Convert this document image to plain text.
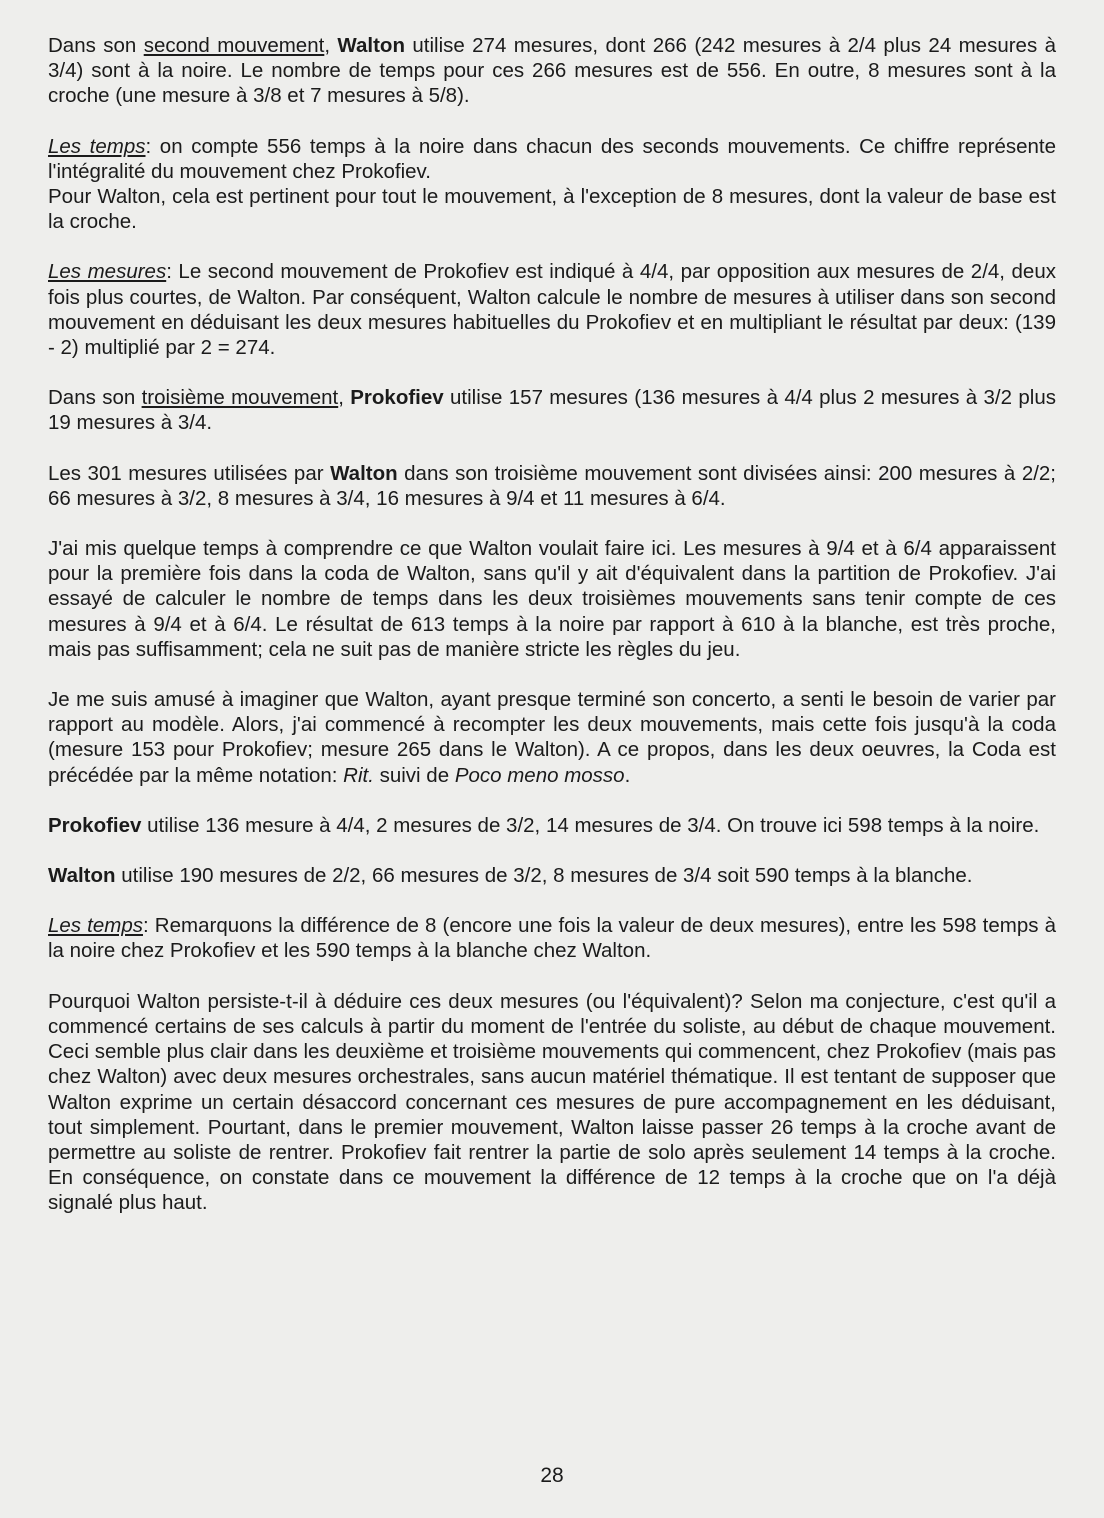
Dans son second mouvement, Walton utilise 274 mesures, dont 266 (242 mesures à 2/4 plus 24 mesures à 3/4) sont à la noire. Le nombre de temps pour ces 266 mesures est de 556. En outre, 8 mesures sont à la croche (une mesure à 3/8 et 7 mesures à 5/8).

Les temps: on compte 556 temps à la noire dans chacun des seconds mouvements. Ce chiffre représente l'intégralité du mouvement chez Prokofiev.
Pour Walton, cela est pertinent pour tout le mouvement, à l'exception de 8 mesures, dont la valeur de base est la croche.

Les mesures: Le second mouvement de Prokofiev est indiqué à 4/4, par opposition aux mesures de 2/4, deux fois plus courtes, de Walton. Par conséquent, Walton calcule le nombre de mesures à utiliser dans son second mouvement en déduisant les deux mesures habituelles du Prokofiev et en multipliant le résultat par deux: (139 - 2) multiplié par 2 = 274.

Dans son troisième mouvement, Prokofiev utilise 157 mesures (136 mesures à 4/4 plus 2 mesures à 3/2 plus 19 mesures à 3/4.

Les 301 mesures utilisées par Walton dans son troisième mouvement sont divisées ainsi: 200 mesures à 2/2; 66 mesures à 3/2, 8 mesures à 3/4, 16 mesures à 9/4 et 11 mesures à 6/4.

J'ai mis quelque temps à comprendre ce que Walton voulait faire ici. Les mesures à 9/4 et à 6/4 apparaissent pour la première fois dans la coda de Walton, sans qu'il y ait d'équivalent dans la partition de Prokofiev. J'ai essayé de calculer le nombre de temps dans les deux troisièmes mouvements sans tenir compte de ces mesures à 9/4 et à 6/4. Le résultat de 613 temps à la noire par rapport à 610 à la blanche, est très proche, mais pas suffisamment; cela ne suit pas de manière stricte les règles du jeu.

Je me suis amusé à imaginer que Walton, ayant presque terminé son concerto, a senti le besoin de varier par rapport au modèle. Alors, j'ai commencé à recompter les deux mouvements, mais cette fois jusqu'à la coda (mesure 153 pour Prokofiev; mesure 265 dans le Walton). A ce propos, dans les deux oeuvres, la Coda est précédée par la même notation: Rit. suivi de Poco meno mosso.

Prokofiev utilise 136 mesure à 4/4, 2 mesures de 3/2, 14 mesures de 3/4. On trouve ici 598 temps à la noire.

Walton utilise 190 mesures de 2/2, 66 mesures de 3/2, 8 mesures de 3/4 soit 590 temps à la blanche.

Les temps: Remarquons la différence de 8 (encore une fois la valeur de deux mesures), entre les 598 temps à la noire chez Prokofiev et les 590 temps à la blanche chez Walton.

Pourquoi Walton persiste-t-il à déduire ces deux mesures (ou l'équivalent)? Selon ma conjecture, c'est qu'il a commencé certains de ses calculs à partir du moment de l'entrée du soliste, au début de chaque mouvement. Ceci semble plus clair dans les deuxième et troisième mouvements qui commencent, chez Prokofiev (mais pas chez Walton) avec deux mesures orchestrales, sans aucun matériel thématique. Il est tentant de supposer que Walton exprime un certain désaccord concernant ces mesures de pure accompagnement en les déduisant, tout simplement. Pourtant, dans le premier mouvement, Walton laisse passer 26 temps à la croche avant de permettre au soliste de rentrer. Prokofiev fait rentrer la partie de solo après seulement 14 temps à la croche. En conséquence, on constate dans ce mouvement la différence de 12 temps à la croche que on l'a déjà signalé plus haut.

28
